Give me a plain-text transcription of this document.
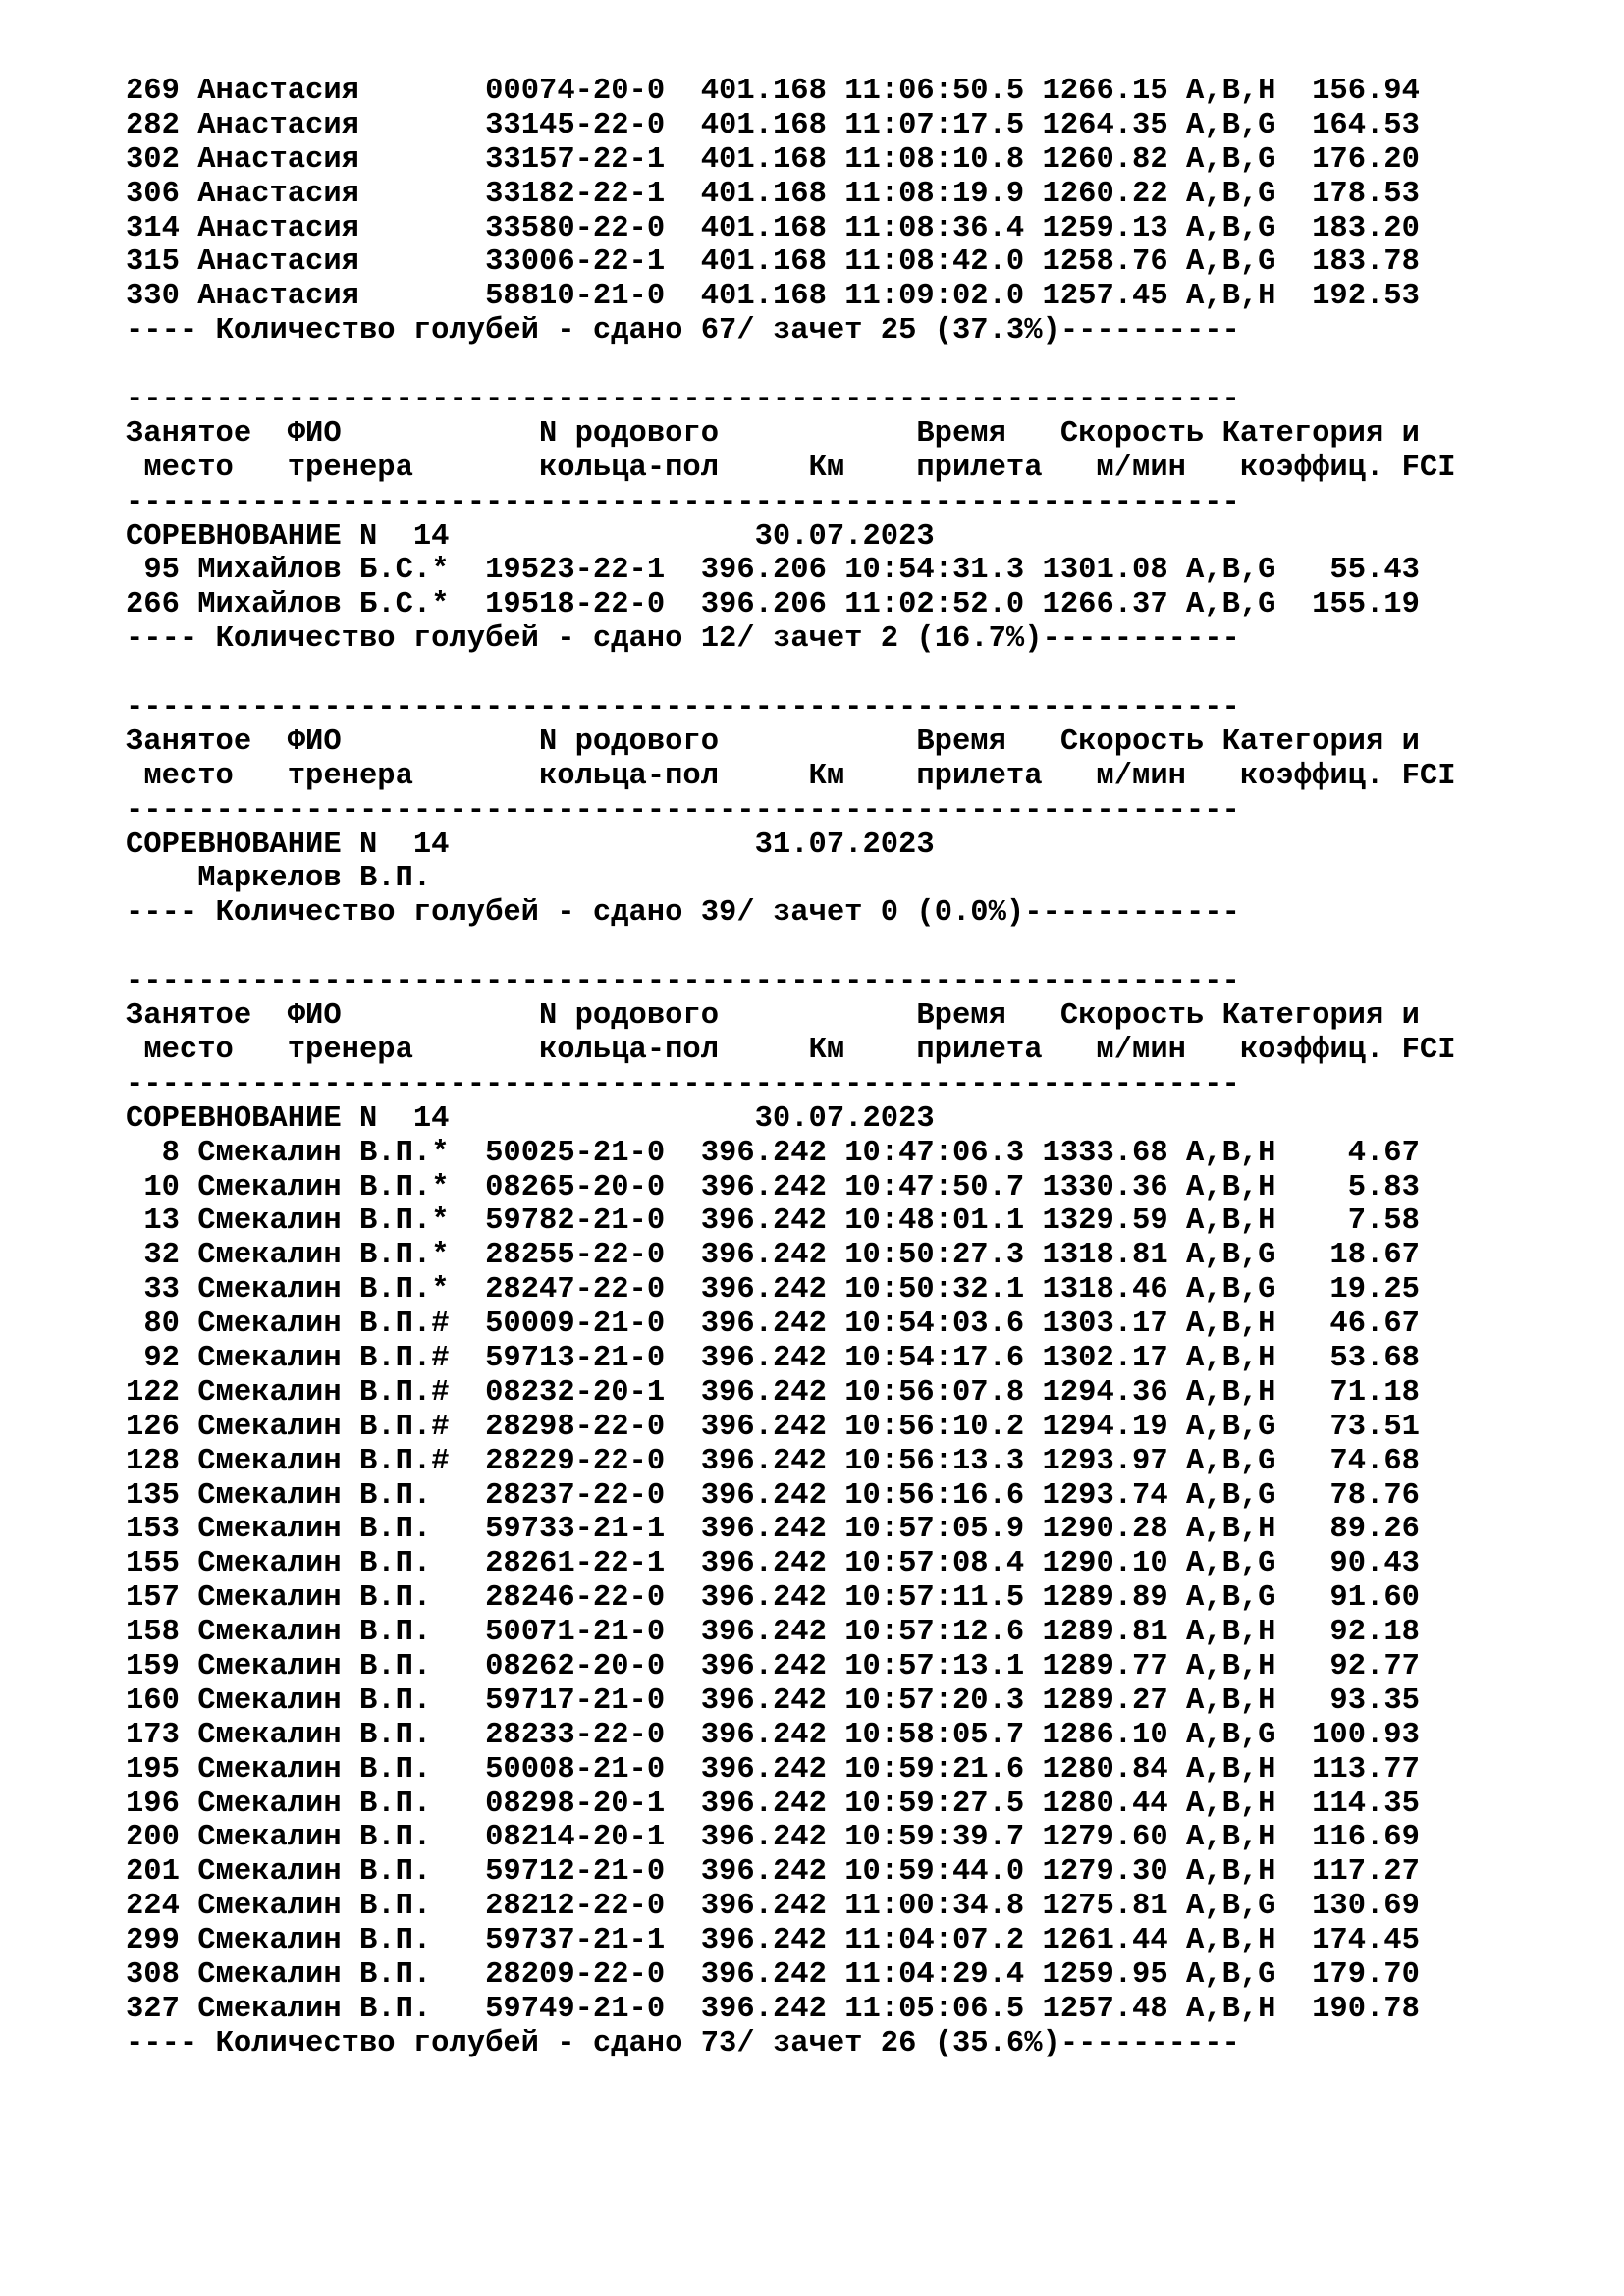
269 Анастасия	00074-20-0 401.168 11:06:50.5 1266.15 A,B,H 156.94
282 Анастасия	33145-22-0 401.168 11:07:17.5 1264.35 A,B,G 164.53
302 Анастасия	33157-22-1 401.168 11:08:10.8 1260.82 A,B,G 176.20
306 Анастасия	33182-22-1 401.168 11:08:19.9 1260.22 A,B,G 178.53
314 Анастасия	33580-22-0 401.168 11:08:36.4 1259.13 A,B,G 183.20
315 Анастасия	33006-22-1 401.168 11:08:42.0 1258.76 A,B,G 183.78
330 Анастасия	58810-21-0 401.168 11:09:02.0 1257.45 A,B,H 192.53
---- Количество голубей - сдано 67/ зачет 25 (37.3%)----------

--------------------------------------------------------------
Занятое ФИО	N родового	Время Скорость Категория и
место тренера	кольца-пол	Км прилета м/мин коэффиц. FCI
--------------------------------------------------------------
СОРЕВНОВАНИЕ N 14	30.07.2023
95 Михайлов Б.С.* 19523-22-1 396.206 10:54:31.3 1301.08 A,B,G 55.43
266 Михайлов Б.С.* 19518-22-0 396.206 11:02:52.0 1266.37 A,B,G 155.19
---- Количество голубей - сдано 12/ зачет 2 (16.7%)-----------

--------------------------------------------------------------
Занятое ФИО	N родового	Время Скорость Категория и
место тренера	кольца-пол	Км прилета м/мин коэффиц. FCI
--------------------------------------------------------------
СОРЕВНОВАНИЕ N 14	31.07.2023
Маркелов В.П.
---- Количество голубей - сдано 39/ зачет 0 (0.0%)------------

--------------------------------------------------------------
Занятое ФИО	N родового	Время Скорость Категория и
место тренера	кольца-пол	Км прилета м/мин коэффиц. FCI
--------------------------------------------------------------
СОРЕВНОВАНИЕ N 14	30.07.2023
8 Смекалин В.П.* 50025-21-0 396.242 10:47:06.3 1333.68 A,B,H 4.67
10 Смекалин В.П.* 08265-20-0 396.242 10:47:50.7 1330.36 A,B,H 5.83
13 Смекалин В.П.* 59782-21-0 396.242 10:48:01.1 1329.59 A,B,H 7.58
32 Смекалин В.П.* 28255-22-0 396.242 10:50:27.3 1318.81 A,B,G 18.67
33 Смекалин В.П.* 28247-22-0 396.242 10:50:32.1 1318.46 A,B,G 19.25
80 Смекалин В.П.# 50009-21-0 396.242 10:54:03.6 1303.17 A,B,H 46.67
92 Смекалин В.П.# 59713-21-0 396.242 10:54:17.6 1302.17 A,B,H 53.68
122 Смекалин В.П.# 08232-20-1 396.242 10:56:07.8 1294.36 A,B,H 71.18
126 Смекалин В.П.# 28298-22-0 396.242 10:56:10.2 1294.19 A,B,G 73.51
128 Смекалин В.П.# 28229-22-0 396.242 10:56:13.3 1293.97 A,B,G 74.68
135 Смекалин В.П. 28237-22-0 396.242 10:56:16.6 1293.74 A,B,G 78.76
153 Смекалин В.П. 59733-21-1 396.242 10:57:05.9 1290.28 A,B,H 89.26
155 Смекалин В.П. 28261-22-1 396.242 10:57:08.4 1290.10 A,B,G 90.43
157 Смекалин В.П. 28246-22-0 396.242 10:57:11.5 1289.89 A,B,G 91.60
158 Смекалин В.П. 50071-21-0 396.242 10:57:12.6 1289.81 A,B,H 92.18
159 Смекалин В.П. 08262-20-0 396.242 10:57:13.1 1289.77 A,B,H 92.77
160 Смекалин В.П. 59717-21-0 396.242 10:57:20.3 1289.27 A,B,H 93.35
173 Смекалин В.П. 28233-22-0 396.242 10:58:05.7 1286.10 A,B,G 100.93
195 Смекалин В.П. 50008-21-0 396.242 10:59:21.6 1280.84 A,B,H 113.77
196 Смекалин В.П. 08298-20-1 396.242 10:59:27.5 1280.44 A,B,H 114.35
200 Смекалин В.П. 08214-20-1 396.242 10:59:39.7 1279.60 A,B,H 116.69
201 Смекалин В.П. 59712-21-0 396.242 10:59:44.0 1279.30 A,B,H 117.27
224 Смекалин В.П. 28212-22-0 396.242 11:00:34.8 1275.81 A,B,G 130.69
299 Смекалин В.П. 59737-21-1 396.242 11:04:07.2 1261.44 A,B,H 174.45
308 Смекалин В.П. 28209-22-0 396.242 11:04:29.4 1259.95 A,B,G 179.70
327 Смекалин В.П. 59749-21-0 396.242 11:05:06.5 1257.48 A,B,H 190.78
---- Количество голубей - сдано 73/ зачет 26 (35.6%)----------
